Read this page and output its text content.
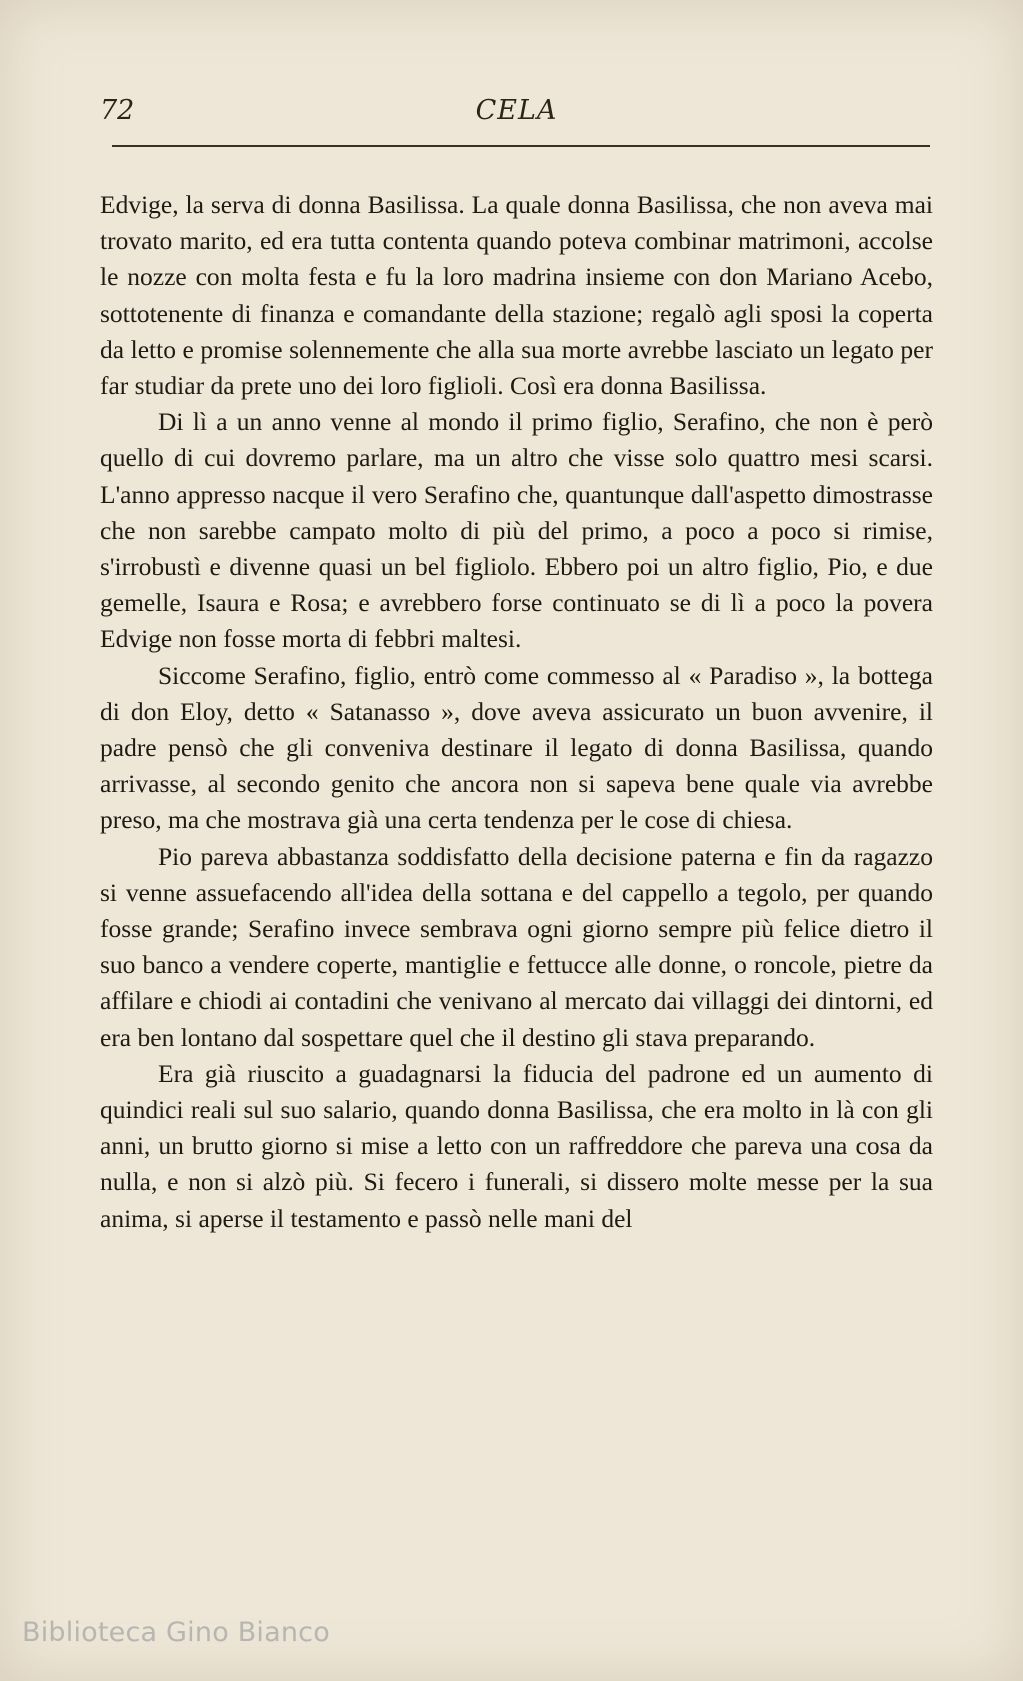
72	CELA

Edvige, la serva di donna Basilissa. La quale donna Basilissa, che non aveva mai trovato marito, ed era tutta contenta quando poteva combinar matrimoni, accolse le nozze con molta festa e fu la loro madrina insieme con don Mariano Acebo, sottotenente di finanza e comandante della stazione; regalò agli sposi la coperta da letto e promise solennemente che alla sua morte avrebbe lasciato un legato per far studiar da prete uno dei loro figlioli. Così era donna Basilissa.

Di lì a un anno venne al mondo il primo figlio, Serafino, che non è però quello di cui dovremo parlare, ma un altro che visse solo quattro mesi scarsi. L'anno appresso nacque il vero Serafino che, quantunque dall'aspetto dimostrasse che non sarebbe campato molto di più del primo, a poco a poco si rimise, s'irrobustì e divenne quasi un bel figliolo. Ebbero poi un altro figlio, Pio, e due gemelle, Isaura e Rosa; e avrebbero forse continuato se di lì a poco la povera Edvige non fosse morta di febbri maltesi.

Siccome Serafino, figlio, entrò come commesso al « Paradiso », la bottega di don Eloy, detto « Satanasso », dove aveva assicurato un buon avvenire, il padre pensò che gli conveniva destinare il legato di donna Basilissa, quando arrivasse, al secondo genito che ancora non si sapeva bene quale via avrebbe preso, ma che mostrava già una certa tendenza per le cose di chiesa.

Pio pareva abbastanza soddisfatto della decisione paterna e fin da ragazzo si venne assuefacendo all'idea della sottana e del cappello a tegolo, per quando fosse grande; Serafino invece sembrava ogni giorno sempre più felice dietro il suo banco a vendere coperte, mantiglie e fettucce alle donne, o roncole, pietre da affilare e chiodi ai contadini che venivano al mercato dai villaggi dei dintorni, ed era ben lontano dal sospettare quel che il destino gli stava preparando.

Era già riuscito a guadagnarsi la fiducia del padrone ed un aumento di quindici reali sul suo salario, quando donna Basilissa, che era molto in là con gli anni, un brutto giorno si mise a letto con un raffreddore che pareva una cosa da nulla, e non si alzò più. Si fecero i funerali, si dissero molte messe per la sua anima, si aperse il testamento e passò nelle mani del

Biblioteca Gino Bianco
